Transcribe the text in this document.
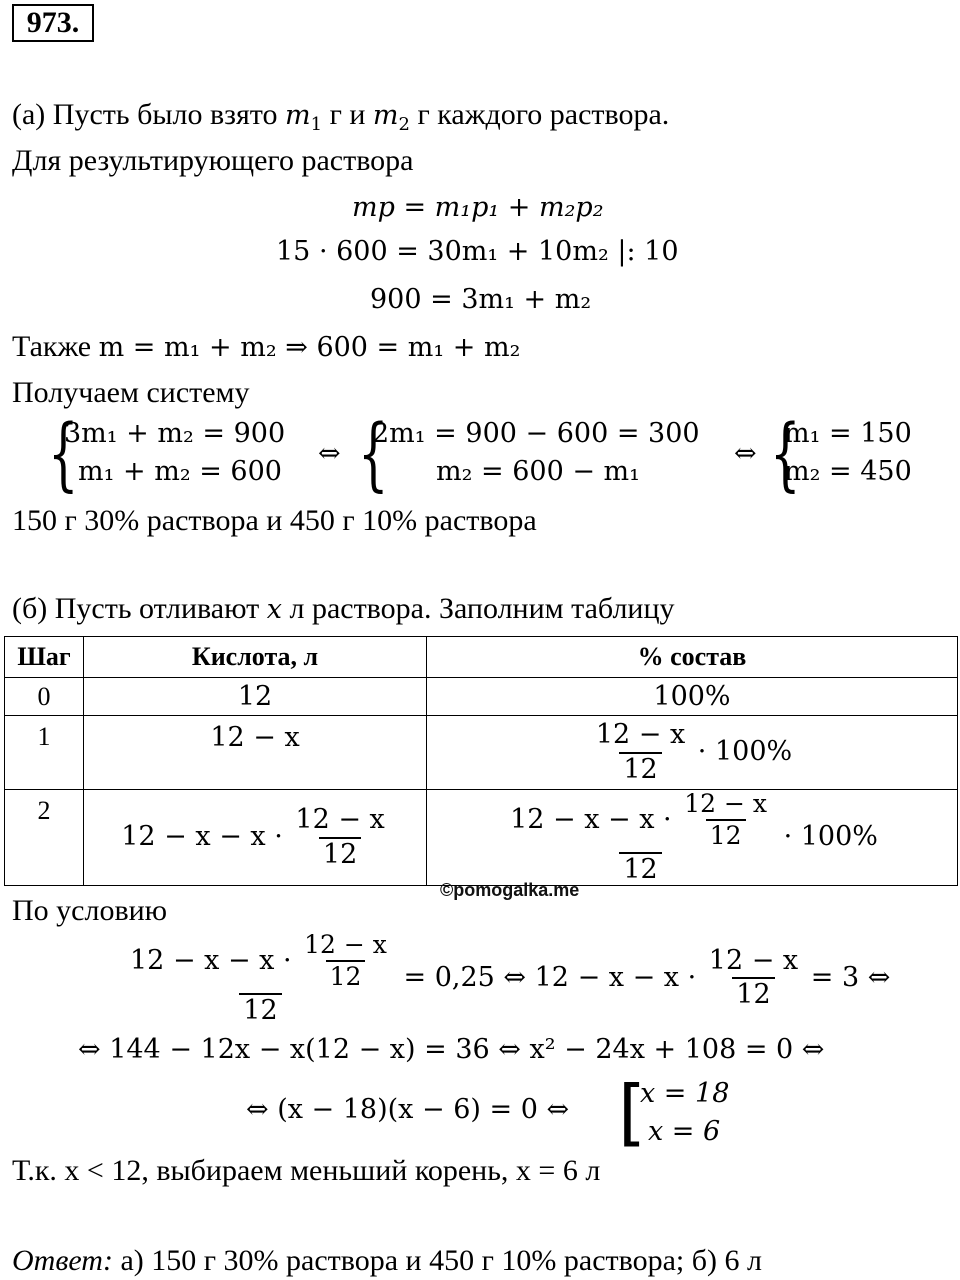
973.
(а) Пусть было взято $m_1$ г и $m_2$ г каждого раствора.
Для результирующего раствора
mp = m₁p₁ + m₂p₂
15 · 600 = 30m₁ + 10m₂ |: 10
900 = 3m₁ + m₂
Также m = m₁ + m₂ ⇒ 600 = m₁ + m₂
Получаем систему
{
3m₁ + m₂ = 900
m₁ + m₂ = 600
⇔ {
2m₁ = 900 − 600 = 300
m₂ = 600 − m₁
⇔ {
m₁ = 150
m₂ = 450
150 г 30% раствора и 450 г 10% раствора
(б) Пусть отливают x л раствора. Заполним таблицу
Шаг	Кислота, л	% состав
0	12	100%
1	12 − x	$\frac{12 - x}{12} \cdot 100\%$
2	$12 - x - x \cdot \frac{12 - x}{12}$	$\frac{12 - x - x \cdot \frac{12 - x}{12}}{12} \cdot 100\%$
©pomogalka.me
По условию
$\frac{12 - x - x \cdot \frac{12 - x}{12}}{12} = 0,25$ ⇔ $12 - x - x \cdot \frac{12 - x}{12} = 3$ ⇔
⇔ 144 − 12x − x(12 − x) = 36 ⇔ x² − 24x + 108 = 0 ⇔
⇔ (x − 18)(x − 6) = 0 ⇔ [
x = 18
x = 6
Т.к. x < 12, выбираем меньший корень, x = 6 л
Ответ: а) 150 г 30% раствора и 450 г 10% раствора; б) 6 л
